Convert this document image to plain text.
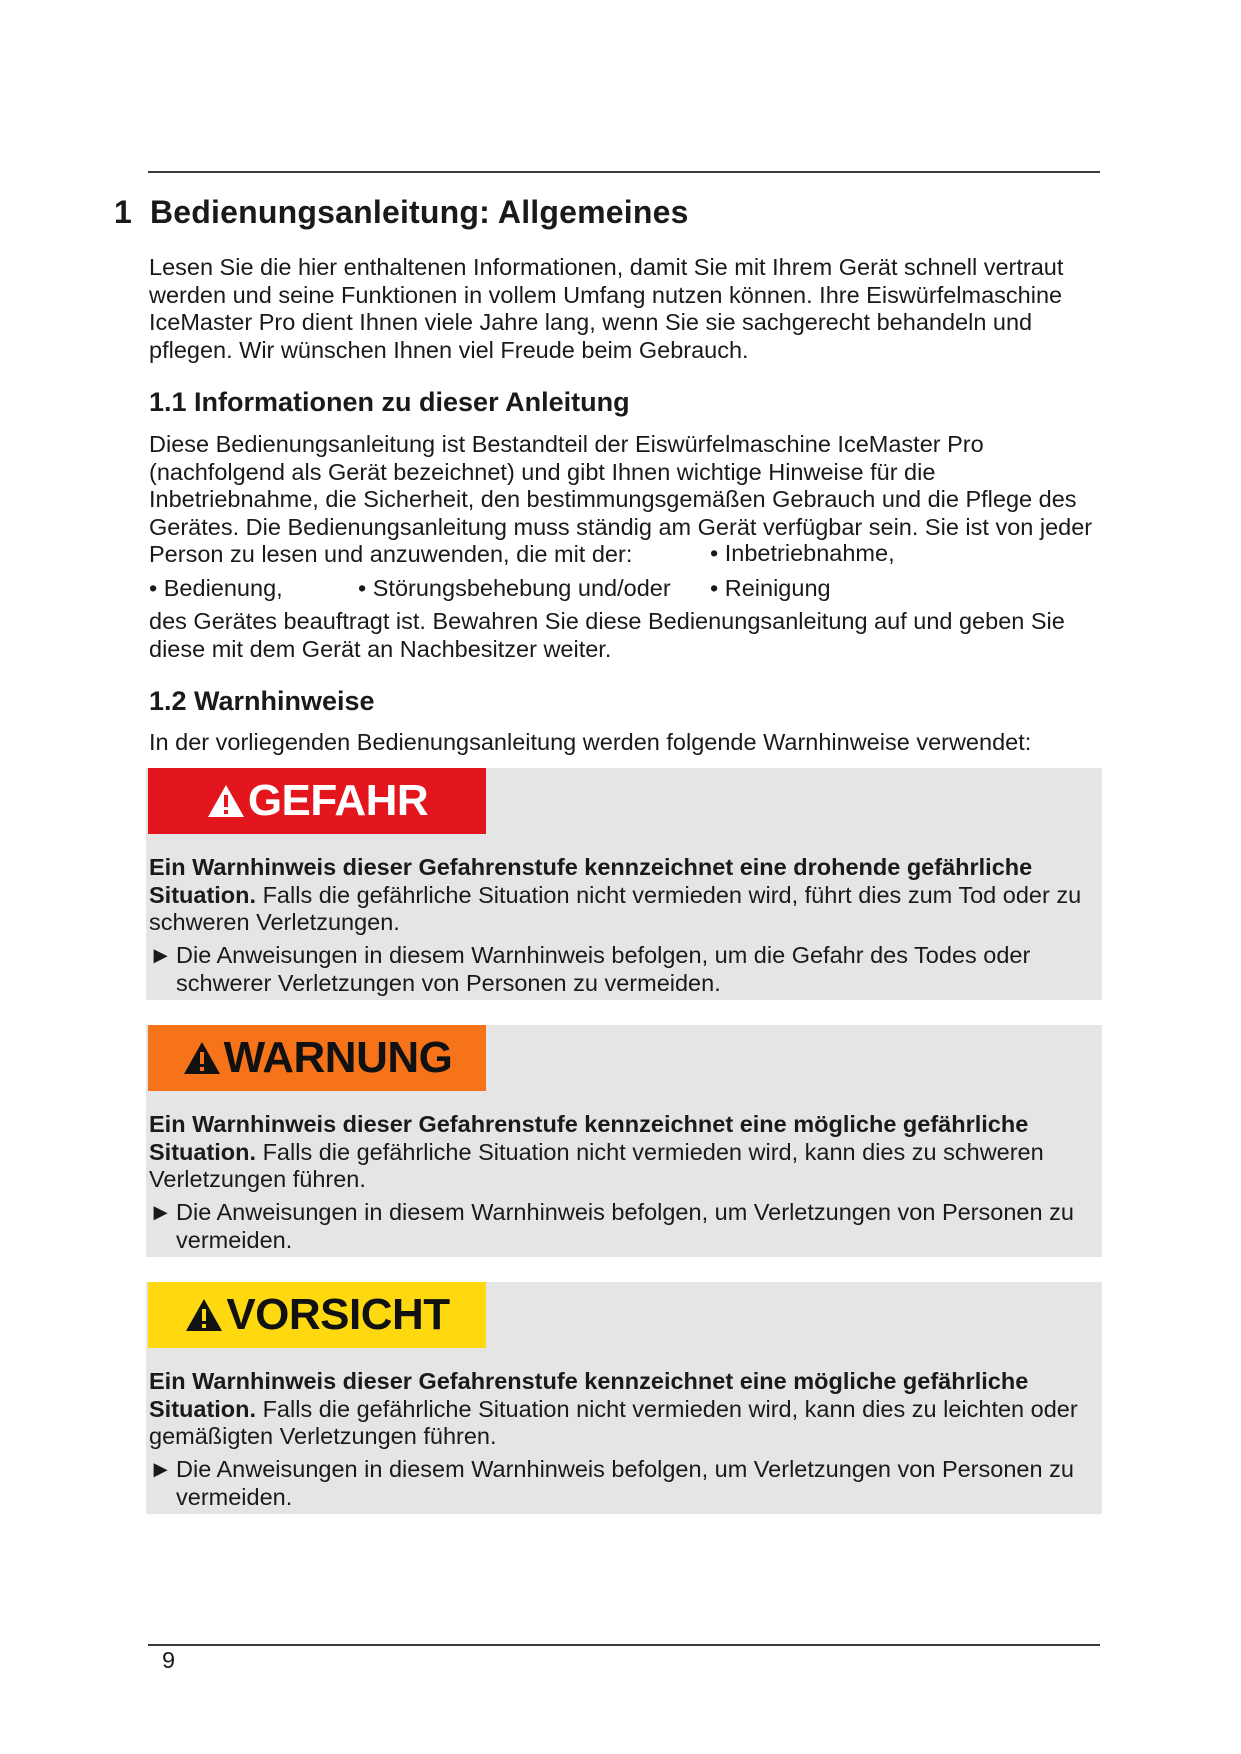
1 Bedienungsanleitung: Allgemeines
Lesen Sie die hier enthaltenen Informationen, damit Sie mit Ihrem Gerät schnell vertraut werden und seine Funktionen in vollem Umfang nutzen können. Ihre Eiswürfelmaschine IceMaster Pro dient Ihnen viele Jahre lang, wenn Sie sie sachgerecht behandeln und pflegen. Wir wünschen Ihnen viel Freude beim Gebrauch.
1.1 Informationen zu dieser Anleitung
Diese Bedienungsanleitung ist Bestandteil der Eiswürfelmaschine IceMaster Pro (nachfolgend als Gerät bezeichnet) und gibt Ihnen wichtige Hinweise für die Inbetriebnahme, die Sicherheit, den bestimmungsgemäßen Gebrauch und die Pflege des Gerätes. Die Bedienungsanleitung muss ständig am Gerät verfügbar sein. Sie ist von jeder Person zu lesen und anzuwenden, die mit der:	• Inbetriebnahme,
• Bedienung,	• Störungsbehebung und/oder • Reinigung
des Gerätes beauftragt ist. Bewahren Sie diese Bedienungsanleitung auf und geben Sie diese mit dem Gerät an Nachbesitzer weiter.
1.2 Warnhinweise
In der vorliegenden Bedienungsanleitung werden folgende Warnhinweise verwendet:
GEFAHR
Ein Warnhinweis dieser Gefahrenstufe kennzeichnet eine drohende gefährliche Situation. Falls die gefährliche Situation nicht vermieden wird, führt dies zum Tod oder zu schweren Verletzungen.
► Die Anweisungen in diesem Warnhinweis befolgen, um die Gefahr des Todes oder schwerer Verletzungen von Personen zu vermeiden.
WARNUNG
Ein Warnhinweis dieser Gefahrenstufe kennzeichnet eine mögliche gefährliche Situation. Falls die gefährliche Situation nicht vermieden wird, kann dies zu schweren Verletzungen führen.
► Die Anweisungen in diesem Warnhinweis befolgen, um Verletzungen von Personen zu vermeiden.
VORSICHT
Ein Warnhinweis dieser Gefahrenstufe kennzeichnet eine mögliche gefährliche Situation. Falls die gefährliche Situation nicht vermieden wird, kann dies zu leichten oder gemäßigten Verletzungen führen.
► Die Anweisungen in diesem Warnhinweis befolgen, um Verletzungen von Personen zu vermeiden.
9
